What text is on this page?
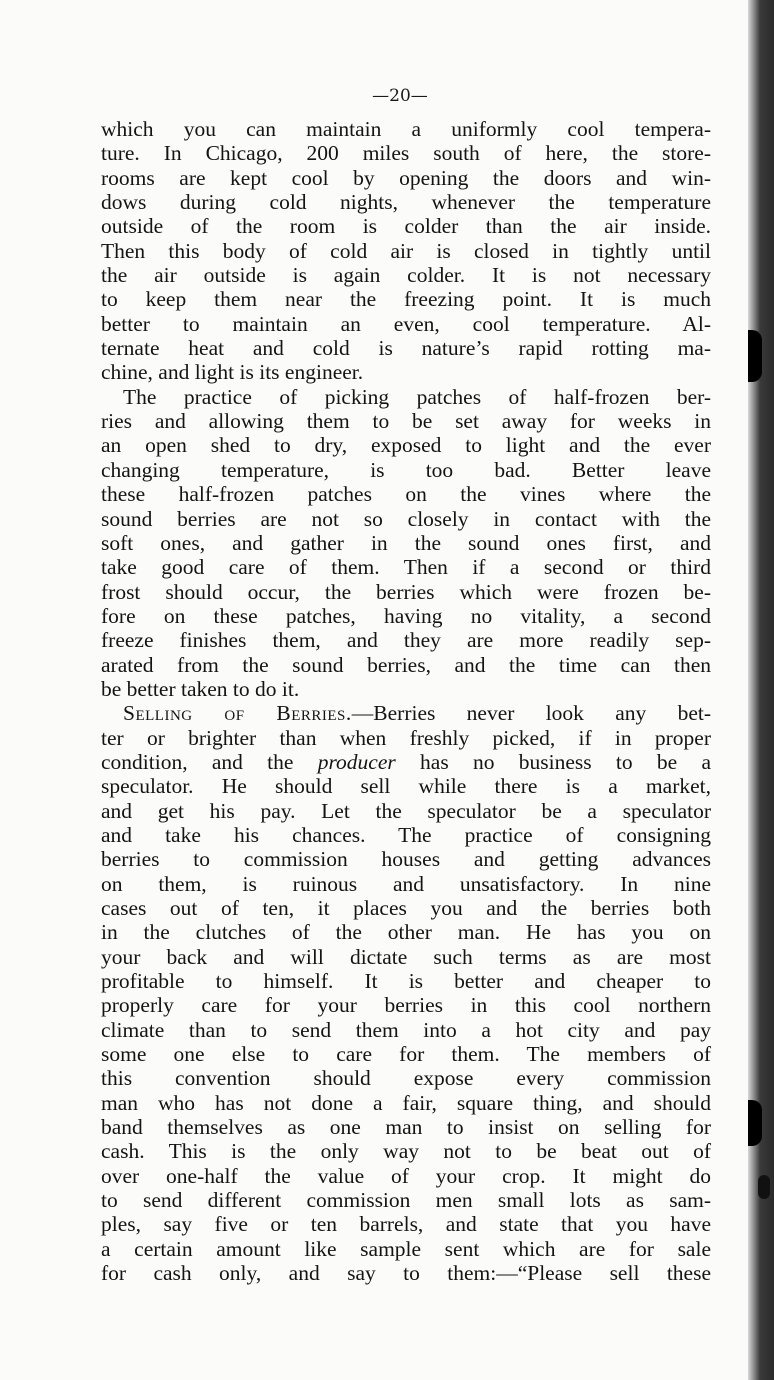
—20—
which you can maintain a uniformly cool tempera-
ture. In Chicago, 200 miles south of here, the store-
rooms are kept cool by opening the doors and win-
dows during cold nights, whenever the temperature
outside of the room is colder than the air inside.
Then this body of cold air is closed in tightly until
the air outside is again colder. It is not necessary
to keep them near the freezing point. It is much
better to maintain an even, cool temperature. Al-
ternate heat and cold is nature’s rapid rotting ma-
chine, and light is its engineer.
The practice of picking patches of half-frozen ber-
ries and allowing them to be set away for weeks in
an open shed to dry, exposed to light and the ever
changing temperature, is too bad. Better leave
these half-frozen patches on the vines where the
sound berries are not so closely in contact with the
soft ones, and gather in the sound ones first, and
take good care of them. Then if a second or third
frost should occur, the berries which were frozen be-
fore on these patches, having no vitality, a second
freeze finishes them, and they are more readily sep-
arated from the sound berries, and the time can then
be better taken to do it.
Selling of Berries.—Berries never look any bet-
ter or brighter than when freshly picked, if in proper
condition, and the producer has no business to be a
speculator. He should sell while there is a market,
and get his pay. Let the speculator be a speculator
and take his chances. The practice of consigning
berries to commission houses and getting advances
on them, is ruinous and unsatisfactory. In nine
cases out of ten, it places you and the berries both
in the clutches of the other man. He has you on
your back and will dictate such terms as are most
profitable to himself. It is better and cheaper to
properly care for your berries in this cool northern
climate than to send them into a hot city and pay
some one else to care for them. The members of
this convention should expose every commission
man who has not done a fair, square thing, and should
band themselves as one man to insist on selling for
cash. This is the only way not to be beat out of
over one-half the value of your crop. It might do
to send different commission men small lots as sam-
ples, say five or ten barrels, and state that you have
a certain amount like sample sent which are for sale
for cash only, and say to them:—“Please sell these
